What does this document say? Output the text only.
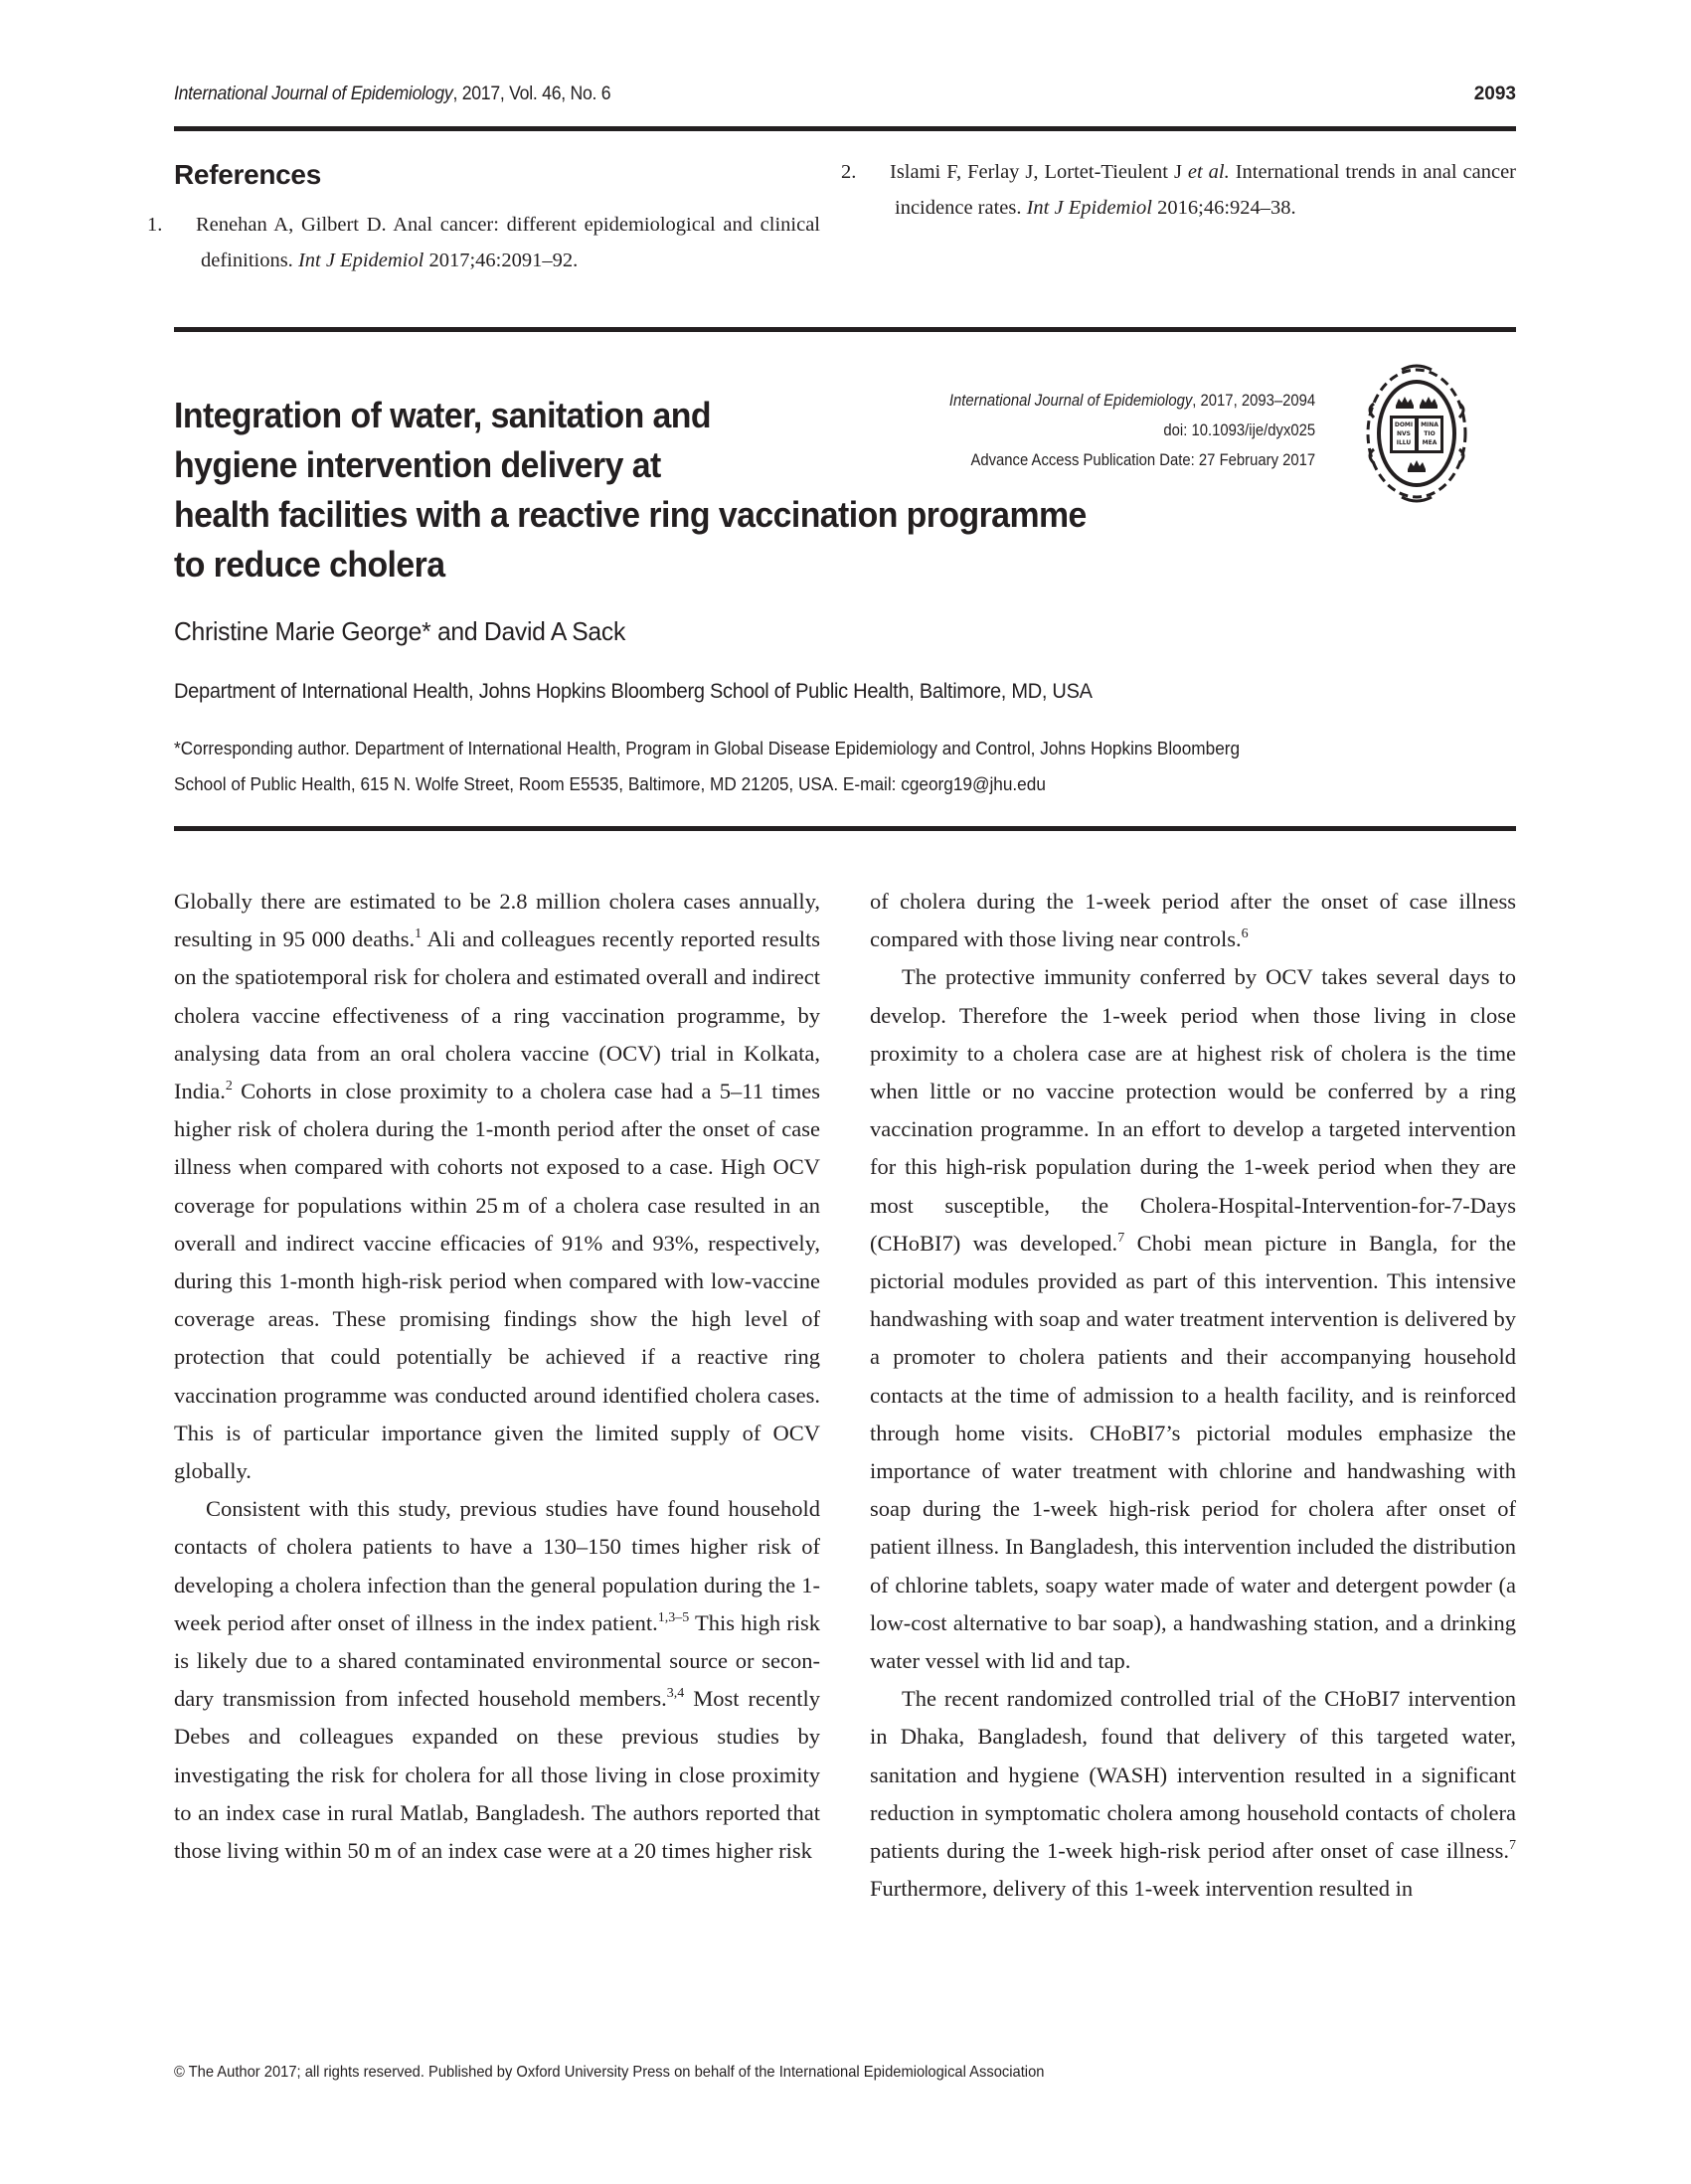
International Journal of Epidemiology, 2017, Vol. 46, No. 6	2093
References
1. Renehan A, Gilbert D. Anal cancer: different epidemiological and clinical definitions. Int J Epidemiol 2017;46:2091–92.
2. Islami F, Ferlay J, Lortet-Tieulent J et al. International trends in anal cancer incidence rates. Int J Epidemiol 2016;46:924–38.
Integration of water, sanitation and
hygiene intervention delivery at
health facilities with a reactive ring vaccination programme
to reduce cholera
International Journal of Epidemiology, 2017, 2093–2094
doi: 10.1093/ije/dyx025
Advance Access Publication Date: 27 February 2017
DOMI
NVS
ILLU
MINA
TIO
MEA
Christine Marie George* and David A Sack
Department of International Health, Johns Hopkins Bloomberg School of Public Health, Baltimore, MD, USA
*Corresponding author. Department of International Health, Program in Global Disease Epidemiology and Control, Johns Hopkins Bloomberg
School of Public Health, 615 N. Wolfe Street, Room E5535, Baltimore, MD 21205, USA. E-mail: cgeorg19@jhu.edu

Globally there are estimated to be 2.8 million cholera cases annually, resulting in 95 000 deaths.$^1$ Ali and colleagues recently reported results on the spatiotemporal risk for cholera and estimated overall and indirect cholera vaccine effectiveness of a ring vaccination programme, by analysing data from an oral cholera vaccine (OCV) trial in Kolkata, India.$^2$ Cohorts in close proximity to a cholera case had a 5–11 times higher risk of cholera during the 1-month period after the onset of case illness when compared with cohorts not exposed to a case. High OCV coverage for populations within 25 m of a cholera case resulted in an overall and indirect vaccine efficacies of 91% and 93%, respectively, during this 1-month high-risk period when compared with low-vaccine coverage areas. These promising findings show the high level of protection that could potentially be achieved if a reactive ring vaccination programme was conducted around identified cholera cases. This is of particular importance given the limited supply of OCV globally.

Consistent with this study, previous studies have found household contacts of cholera patients to have a 130–150 times higher risk of developing a cholera infection than the general population during the 1-week period after onset of illness in the index patient.$^{1,3-5}$ This high risk is likely due to a shared contaminated environmental source or secondary transmission from infected household members.$^{3,4}$ Most recently Debes and colleagues expanded on these previous studies by investigating the risk for cholera for all those living in close proximity to an index case in rural Matlab, Bangladesh. The authors reported that those living within 50 m of an index case were at a 20 times higher risk

of cholera during the 1-week period after the onset of case illness compared with those living near controls.$^6$

The protective immunity conferred by OCV takes several days to develop. Therefore the 1-week period when those living in close proximity to a cholera case are at highest risk of cholera is the time when little or no vaccine protection would be conferred by a ring vaccination programme. In an effort to develop a targeted intervention for this high-risk population during the 1-week period when they are most susceptible, the Cholera-Hospital-Intervention-for-7-Days (CHoBI7) was developed.$^7$ Chobi mean picture in Bangla, for the pictorial modules provided as part of this intervention. This intensive handwashing with soap and water treatment intervention is delivered by a promoter to cholera patients and their accompanying household contacts at the time of admission to a health facility, and is reinforced through home visits. CHoBI7’s pictorial modules emphasize the importance of water treatment with chlorine and handwashing with soap during the 1-week high-risk period for cholera after onset of patient illness. In Bangladesh, this intervention included the distribution of chlorine tablets, soapy water made of water and detergent powder (a low-cost alternative to bar soap), a handwashing station, and a drinking water vessel with lid and tap.

The recent randomized controlled trial of the CHoBI7 intervention in Dhaka, Bangladesh, found that delivery of this targeted water, sanitation and hygiene (WASH) intervention resulted in a significant reduction in symptomatic cholera among household contacts of cholera patients during the 1-week high-risk period after onset of case illness.$^7$ Furthermore, delivery of this 1-week intervention resulted in

© The Author 2017; all rights reserved. Published by Oxford University Press on behalf of the International Epidemiological Association
